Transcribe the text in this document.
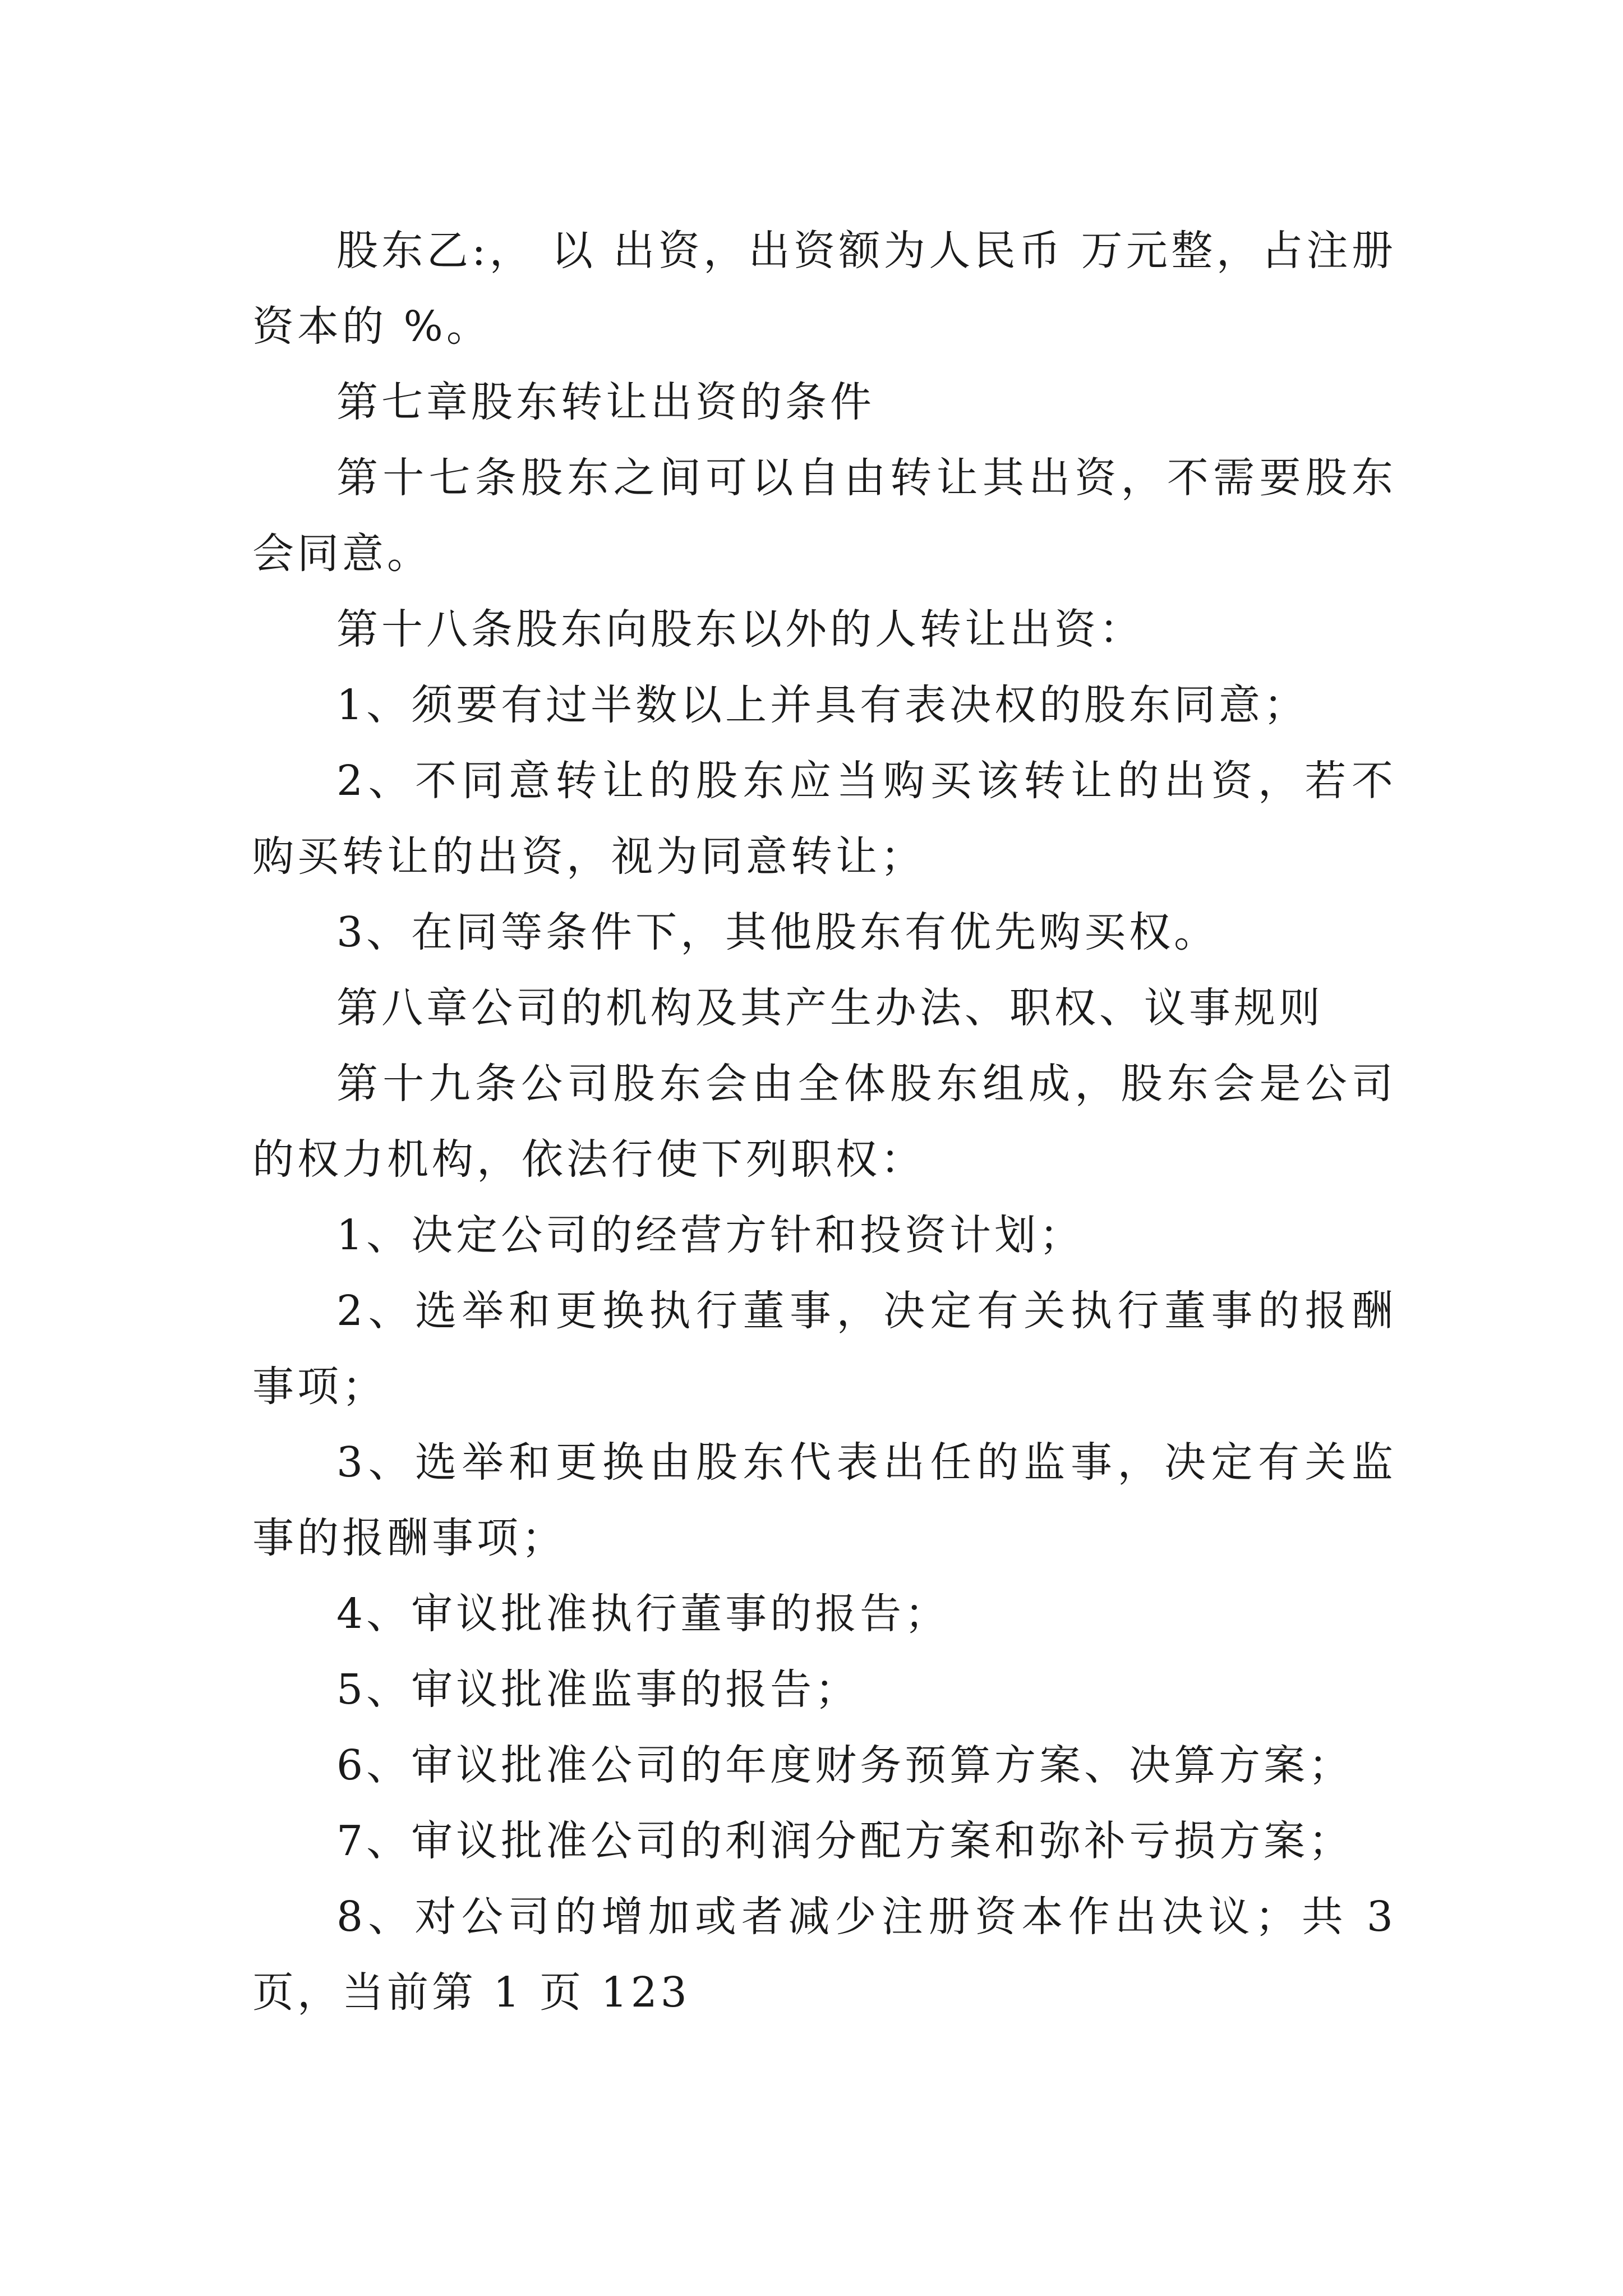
股东乙:， 以 出资，出资额为人民币 万元整，占注册资本的 %。

第七章股东转让出资的条件

第十七条股东之间可以自由转让其出资，不需要股东会同意。

第十八条股东向股东以外的人转让出资：

1、须要有过半数以上并具有表决权的股东同意；

2、不同意转让的股东应当购买该转让的出资，若不购买转让的出资，视为同意转让；

3、在同等条件下，其他股东有优先购买权。

第八章公司的机构及其产生办法、职权、议事规则

第十九条公司股东会由全体股东组成，股东会是公司的权力机构，依法行使下列职权：

1、决定公司的经营方针和投资计划；

2、选举和更换执行董事，决定有关执行董事的报酬事项；

3、选举和更换由股东代表出任的监事，决定有关监事的报酬事项；

4、审议批准执行董事的报告；

5、审议批准监事的报告；

6、审议批准公司的年度财务预算方案、决算方案；

7、审议批准公司的利润分配方案和弥补亏损方案；

8、对公司的增加或者减少注册资本作出决议；共 3 页，当前第 1 页 123
